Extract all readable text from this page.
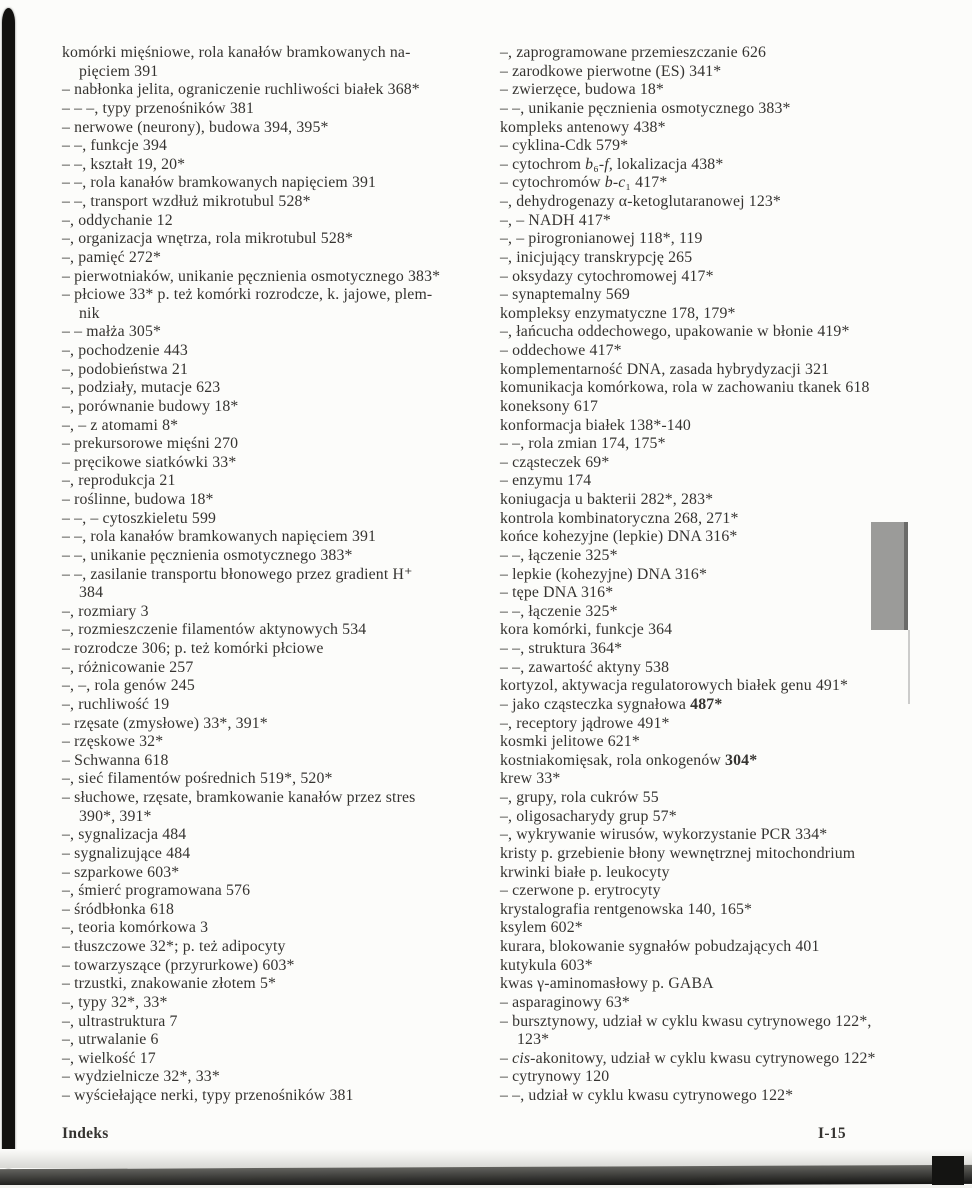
komórki mięśniowe, rola kanałów bramkowanych na-

pięciem 391

– nabłonka jelita, ograniczenie ruchliwości białek 368*

– – –, typy przenośników 381

– nerwowe (neurony), budowa 394, 395*

– –, funkcje 394

– –, kształt 19, 20*

– –, rola kanałów bramkowanych napięciem 391

– –, transport wzdłuż mikrotubul 528*

–, oddychanie 12

–, organizacja wnętrza, rola mikrotubul 528*

–, pamięć 272*

– pierwotniaków, unikanie pęcznienia osmotycznego 383*

– płciowe 33* p. też komórki rozrodcze, k. jajowe, plem-

nik

– – małża 305*

–, pochodzenie 443

–, podobieństwa 21

–, podziały, mutacje 623

–, porównanie budowy 18*

–, – z atomami 8*

– prekursorowe mięśni 270

– pręcikowe siatkówki 33*

–, reprodukcja 21

– roślinne, budowa 18*

– –, – cytoszkieletu 599

– –, rola kanałów bramkowanych napięciem 391

– –, unikanie pęcznienia osmotycznego 383*

– –, zasilanie transportu błonowego przez gradient H⁺

384

–, rozmiary 3

–, rozmieszczenie filamentów aktynowych 534

– rozrodcze 306; p. też komórki płciowe

–, różnicowanie 257

–, –, rola genów 245

–, ruchliwość 19

– rzęsate (zmysłowe) 33*, 391*

– rzęskowe 32*

– Schwanna 618

–, sieć filamentów pośrednich 519*, 520*

– słuchowe, rzęsate, bramkowanie kanałów przez stres

390*, 391*

–, sygnalizacja 484

– sygnalizujące 484

– szparkowe 603*

–, śmierć programowana 576

– śródbłonka 618

–, teoria komórkowa 3

– tłuszczowe 32*; p. też adipocyty

– towarzyszące (przyrurkowe) 603*

– trzustki, znakowanie złotem 5*

–, typy 32*, 33*

–, ultrastruktura 7

–, utrwalanie 6

–, wielkość 17

– wydzielnicze 32*, 33*

– wyściełające nerki, typy przenośników 381

–, zaprogramowane przemieszczanie 626

– zarodkowe pierwotne (ES) 341*

– zwierzęce, budowa 18*

– –, unikanie pęcznienia osmotycznego 383*

kompleks antenowy 438*

– cyklina-Cdk 579*

– cytochrom b₆-f, lokalizacja 438*

– cytochromów b-c₁ 417*

–, dehydrogenazy α-ketoglutaranowej 123*

–, – NADH 417*

–, – pirogronianowej 118*, 119

–, inicjujący transkrypcję 265

– oksydazy cytochromowej 417*

– synaptemalny 569

kompleksy enzymatyczne 178, 179*

–, łańcucha oddechowego, upakowanie w błonie 419*

– oddechowe 417*

komplementarność DNA, zasada hybrydyzacji 321

komunikacja komórkowa, rola w zachowaniu tkanek 618

koneksony 617

konformacja białek 138*-140

– –, rola zmian 174, 175*

– cząsteczek 69*

– enzymu 174

koniugacja u bakterii 282*, 283*

kontrola kombinatoryczna 268, 271*

końce kohezyjne (lepkie) DNA 316*

– –, łączenie 325*

– lepkie (kohezyjne) DNA 316*

– tępe DNA 316*

– –, łączenie 325*

kora komórki, funkcje 364

– –, struktura 364*

– –, zawartość aktyny 538

kortyzol, aktywacja regulatorowych białek genu 491*

– jako cząsteczka sygnałowa 487*

–, receptory jądrowe 491*

kosmki jelitowe 621*

kostniakomięsak, rola onkogenów 304*

krew 33*

–, grupy, rola cukrów 55

–, oligosacharydy grup 57*

–, wykrywanie wirusów, wykorzystanie PCR 334*

kristy p. grzebienie błony wewnętrznej mitochondrium

krwinki białe p. leukocyty

– czerwone p. erytrocyty

krystalografia rentgenowska 140, 165*

ksylem 602*

kurara, blokowanie sygnałów pobudzających 401

kutykula 603*

kwas γ-aminomasłowy p. GABA

– asparaginowy 63*

– bursztynowy, udział w cyklu kwasu cytrynowego 122*,

123*

– cis-akonitowy, udział w cyklu kwasu cytrynowego 122*

– cytrynowy 120

– –, udział w cyklu kwasu cytrynowego 122*

Indeks	I-15
